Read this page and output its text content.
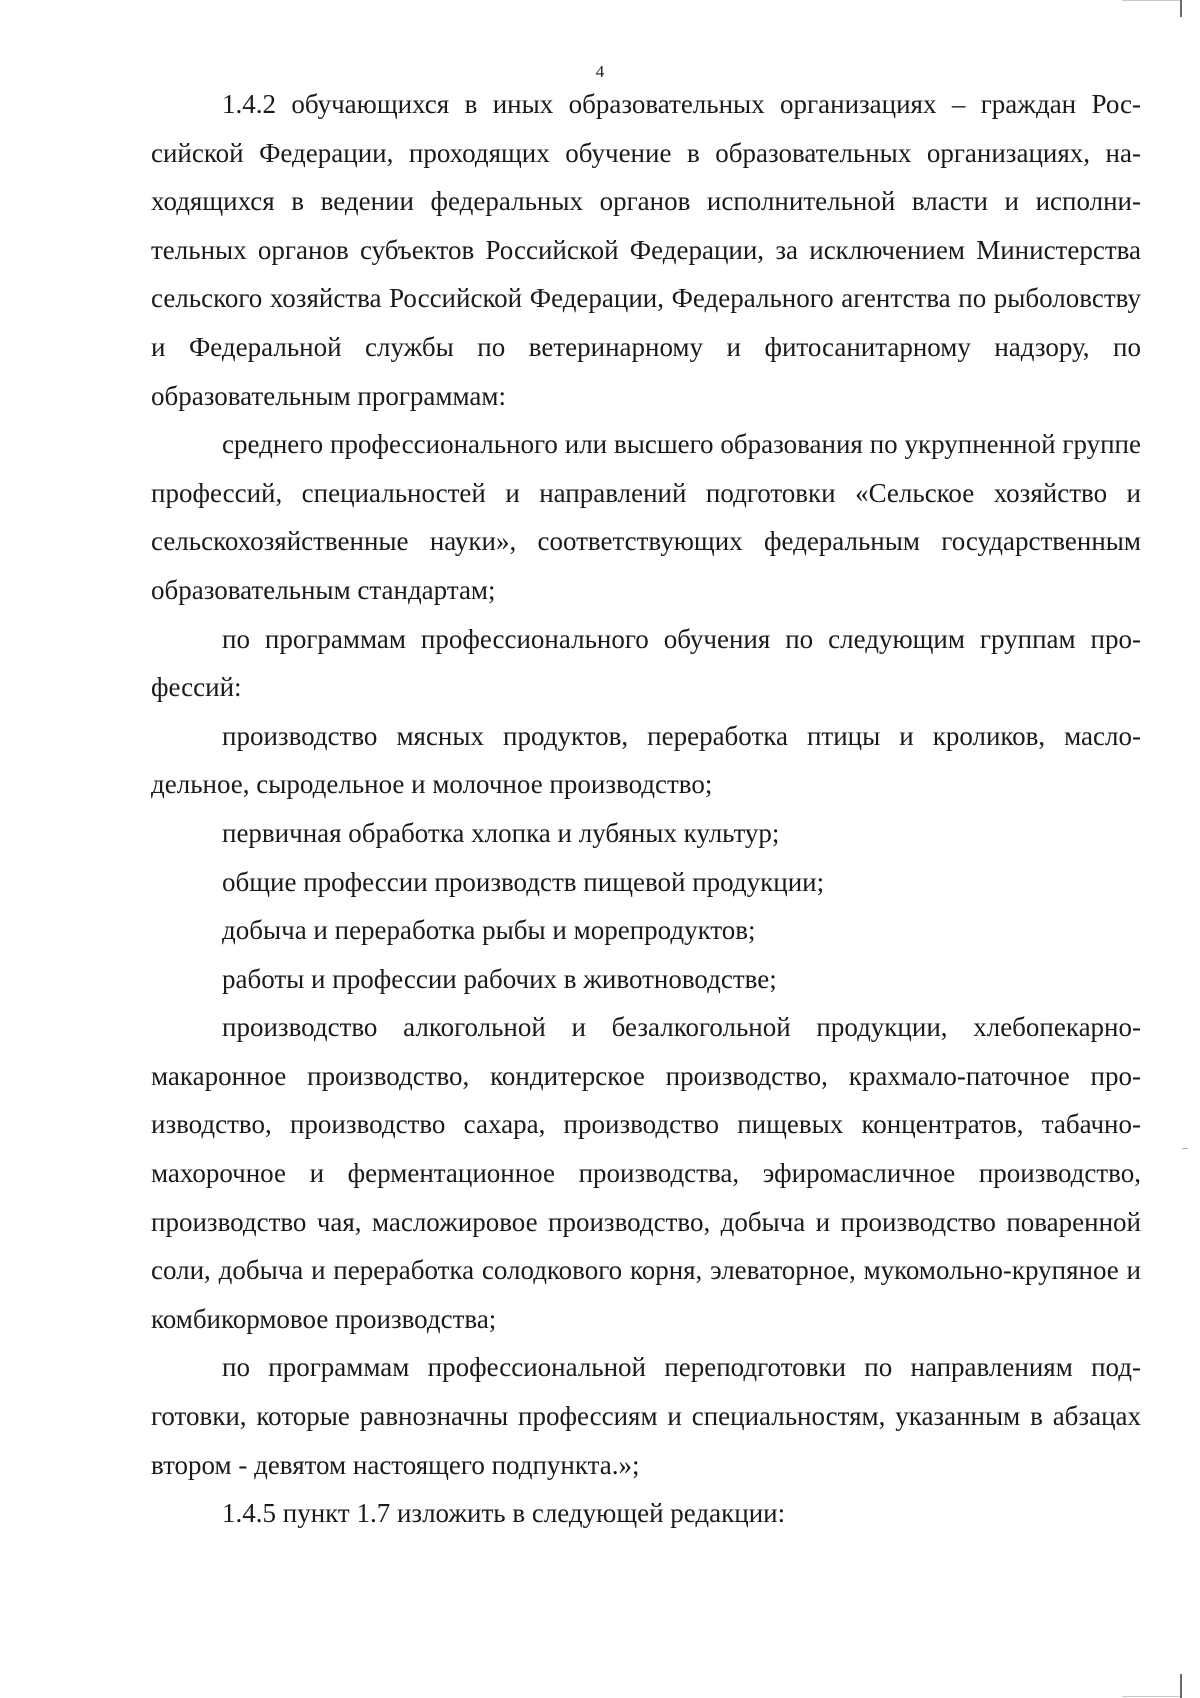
4

1.4.2 обучающихся в иных образовательных организациях – граждан Российской Федерации, проходящих обучение в образовательных организациях, находящихся в ведении федеральных органов исполнительной власти и исполнительных органов субъектов Российской Федерации, за исключением Министерства сельского хозяйства Российской Федерации, Федерального агентства по рыболовству и Федеральной службы по ветеринарному и фитосанитарному надзору, по образовательным программам:

среднего профессионального или высшего образования по укрупненной группе профессий, специальностей и направлений подготовки «Сельское хозяйство и сельскохозяйственные науки», соответствующих федеральным государственным образовательным стандартам;

по программам профессионального обучения по следующим группам профессий:

производство мясных продуктов, переработка птицы и кроликов, маслодельное, сыродельное и молочное производство;

первичная обработка хлопка и лубяных культур;

общие профессии производств пищевой продукции;

добыча и переработка рыбы и морепродуктов;

работы и профессии рабочих в животноводстве;

производство алкогольной и безалкогольной продукции, хлебопекарно-макаронное производство, кондитерское производство, крахмало-паточное производство, производство сахара, производство пищевых концентратов, табачно-махорочное и ферментационное производства, эфиромасличное производство, производство чая, масложировое производство, добыча и производство поваренной соли, добыча и переработка солодкового корня, элеваторное, мукомольно-крупяное и комбикормовое производства;

по программам профессиональной переподготовки по направлениям подготовки, которые равнозначны профессиям и специальностям, указанным в абзацах втором - девятом настоящего подпункта.»;

1.4.5 пункт 1.7 изложить в следующей редакции:
